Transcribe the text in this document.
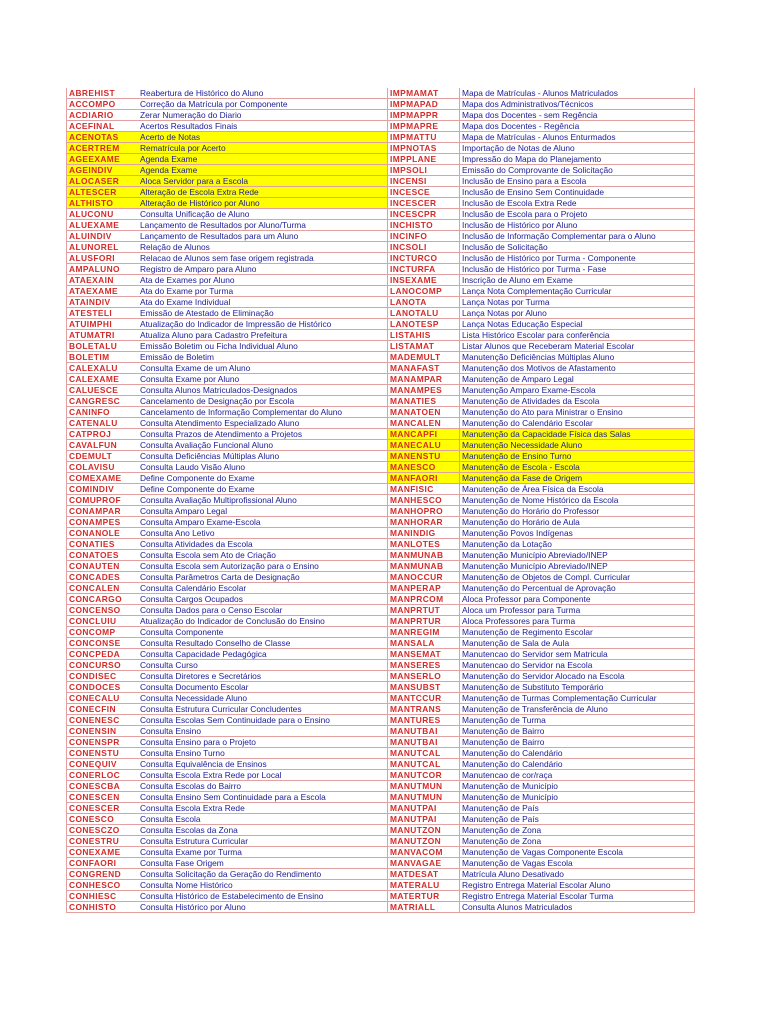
ABREHIST	Reabertura de Histórico do Aluno	IMPMAMAT	Mapa de Matrículas - Alunos Matriculados
ACCOMPO	Correção da Matrícula por Componente	IMPMAPAD	Mapa dos Administrativos/Técnicos
ACDIARIO	Zerar Numeração do Diario	IMPMAPPR	Mapa dos Docentes - sem Regência
ACEFINAL	Acertos Resultados Finais	IMPMAPRE	Mapa dos Docentes - Regência
ACENOTAS	Acerto de Notas	IMPMATTU	Mapa de Matrículas - Alunos Enturmados
ACERTREM	Rematrícula por Acerto	IMPNOTAS	Importação de Notas de Aluno
AGEEXAME	Agenda Exame	IMPPLANE	Impressão do Mapa do Planejamento
AGEINDIV	Agenda Exame	IMPSOLI	Emissão do Comprovante de Solicitação
ALOCASER	Aloca Servidor para a Escola	INCENSI	Inclusão de Ensino para a Escola
ALTESCER	Alteração de Escola Extra Rede	INCESCE	Inclusão de Ensino Sem Continuidade
ALTHISTO	Alteração de Histórico por Aluno	INCESCER	Inclusão de Escola Extra Rede
ALUCONU	Consulta Unificação de Aluno	INCESCPR	Inclusão de Escola para o Projeto
ALUEXAME	Lançamento de Resultados por Aluno/Turma	INCHISTO	Inclusão de Histórico por Aluno
ALUINDIV	Lançamento de Resultados para um Aluno	INCINFO	Inclusão de Informação Complementar para o Aluno
ALUNOREL	Relação de Alunos	INCSOLI	Inclusão de Solicitação
ALUSFORI	Relacao de Alunos sem fase origem registrada	INCTURCO	Inclusão de Histórico por Turma - Componente
AMPALUNO	Registro de Amparo para Aluno	INCTURFA	Inclusão de Histórico por Turma - Fase
ATAEXAIN	Ata de Exames por Aluno	INSEXAME	Inscrição de Aluno em Exame
ATAEXAME	Ata do Exame por Turma	LANOCOMP	Lança Nota Complementação Curricular
ATAINDIV	Ata do Exame Individual	LANOTA	Lança Notas por Turma
ATESTELI	Emissão de Atestado de Eliminação	LANOTALU	Lança Notas por Aluno
ATUIMPHI	Atualização do Indicador de Impressão de Histórico	LANOTESP	Lança Notas Educação Especial
ATUMATRI	Atualiza Aluno para Cadastro Prefeitura	LISTAHIS	Lista Histórico Escolar para conferência
BOLETALU	Emissão Boletim ou Ficha Individual Aluno	LISTAMAT	Listar Alunos que Receberam Material Escolar
BOLETIM	Emissão de Boletim	MADEMULT	Manutenção Deficiências Múltiplas Aluno
CALEXALU	Consulta Exame de um Aluno	MANAFAST	Manutenção dos Motivos de Afastamento
CALEXAME	Consulta Exame por Aluno	MANAMPAR	Manutenção de Amparo Legal
CALUESCE	Consulta Alunos Matriculados-Designados	MANAMPES	Manutenção Amparo Exame-Escola
CANGRESC	Cancelamento de Designação por Escola	MANATIES	Manutenção de Atividades da Escola
CANINFO	Cancelamento de Informação Complementar do Aluno	MANATOEN	Manutenção do Ato para Ministrar o Ensino
CATENALU	Consulta Atendimento Especializado Aluno	MANCALEN	Manutenção do Calendário Escolar
CATPROJ	Consulta Prazos de Atendimento a Projetos	MANCAPFI	Manutenção da Capacidade Física das Salas
CAVALFUN	Consulta Avaliação Funcional Aluno	MANECALU	Manutenção Necessidade Aluno
CDEMULT	Consulta Deficiências Múltiplas Aluno	MANENSTU	Manutenção de Ensino Turno
COLAVISU	Consulta Laudo Visão Aluno	MANESCO	Manutenção de Escola - Escola
COMEXAME	Define Componente do Exame	MANFAORI	Manutenção da Fase de Origem
COMINDIV	Define Componente do Exame	MANFISIC	Manutenção de Área Física da Escola
COMUPROF	Consulta Avaliação Multiprofissional Aluno	MANHESCO	Manutenção de Nome Histórico da Escola
CONAMPAR	Consulta Amparo Legal	MANHOPRO	Manutenção do Horário do Professor
CONAMPES	Consulta Amparo Exame-Escola	MANHORAR	Manutenção do Horário de Aula
CONANOLE	Consulta Ano Letivo	MANINDIG	Manutenção Povos Indígenas
CONATIES	Consulta Atividades da Escola	MANLOTES	Manutenção da Lotação
CONATOES	Consulta Escola sem Ato de Criação	MANMUNAB	Manutenção Município Abreviado/INEP
CONAUTEN	Consulta Escola sem Autorização para o Ensino	MANMUNAB	Manutenção Município Abreviado/INEP
CONCADES	Consulta Parâmetros Carta de Designação	MANOCCUR	Manutenção de Objetos de Compl. Curricular
CONCALEN	Consulta Calendário Escolar	MANPERAP	Manutenção do Percentual de Aprovação
CONCARGO	Consulta Cargos Ocupados	MANPRCOM	Aloca Professor para Componente
CONCENSO	Consulta Dados para o Censo Escolar	MANPRTUT	Aloca um Professor para Turma
CONCLUIU	Atualização do Indicador de Conclusão do Ensino	MANPRTUR	Aloca Professores para Turma
CONCOMP	Consulta Componente	MANREGIM	Manutenção de Regimento Escolar
CONCONSE	Consulta Resultado Conselho de Classe	MANSALA	Manutenção de Sala de Aula
CONCPEDA	Consulta Capacidade Pedagógica	MANSEMAT	Manutencao do Servidor sem Matricula
CONCURSO	Consulta Curso	MANSERES	Manutencao do Servidor na Escola
CONDISEC	Consulta Diretores e Secretários	MANSERLO	Manutenção do Servidor Alocado na Escola
CONDOCES	Consulta Documento Escolar	MANSUBST	Manutenção de Substituto Temporário
CONECALU	Consulta Necessidade Aluno	MANTCCUR	Manutenção de Turmas Complementação Curricular
CONECFIN	Consulta Estrutura Curricular Concludentes	MANTRANS	Manutenção de Transferência de Aluno
CONENESC	Consulta Escolas Sem Continuidade para o Ensino	MANTURES	Manutenção de Turma
CONENSIN	Consulta Ensino	MANUTBAI	Manutenção de Bairro
CONENSPR	Consulta Ensino para o Projeto	MANUTBAI	Manutenção de Bairro
CONENSTU	Consulta Ensino Turno	MANUTCAL	Manutenção do Calendário
CONEQUIV	Consulta Equivalência de Ensinos	MANUTCAL	Manutenção do Calendário
CONERLOC	Consulta Escola Extra Rede por Local	MANUTCOR	Manutencao de cor/raça
CONESCBA	Consulta Escolas do Bairro	MANUTMUN	Manutenção de Município
CONESCEN	Consulta Ensino Sem Continuidade para a Escola	MANUTMUN	Manutenção de Município
CONESCER	Consulta Escola Extra Rede	MANUTPAI	Manutenção de País
CONESCO	Consulta Escola	MANUTPAI	Manutenção de País
CONESCZO	Consulta Escolas da Zona	MANUTZON	Manutenção de Zona
CONESTRU	Consulta Estrutura Curricular	MANUTZON	Manutenção de Zona
CONEXAME	Consulta Exame por Turma	MANVACOM	Manutenção de Vagas Componente Escola
CONFAORI	Consulta Fase Origem	MANVAGAE	Manutenção de Vagas Escola
CONGREND	Consulta Solicitação da Geração do Rendimento	MATDESAT	Matrícula Aluno Desativado
CONHESCO	Consulta Nome Histórico	MATERALU	Registro Entrega Material Escolar Aluno
CONHIESC	Consulta Histórico de Estabelecimento de Ensino	MATERTUR	Registro Entrega Material Escolar Turma
CONHISTO	Consulta Histórico por Aluno	MATRIALL	Consulta Alunos Matriculados
